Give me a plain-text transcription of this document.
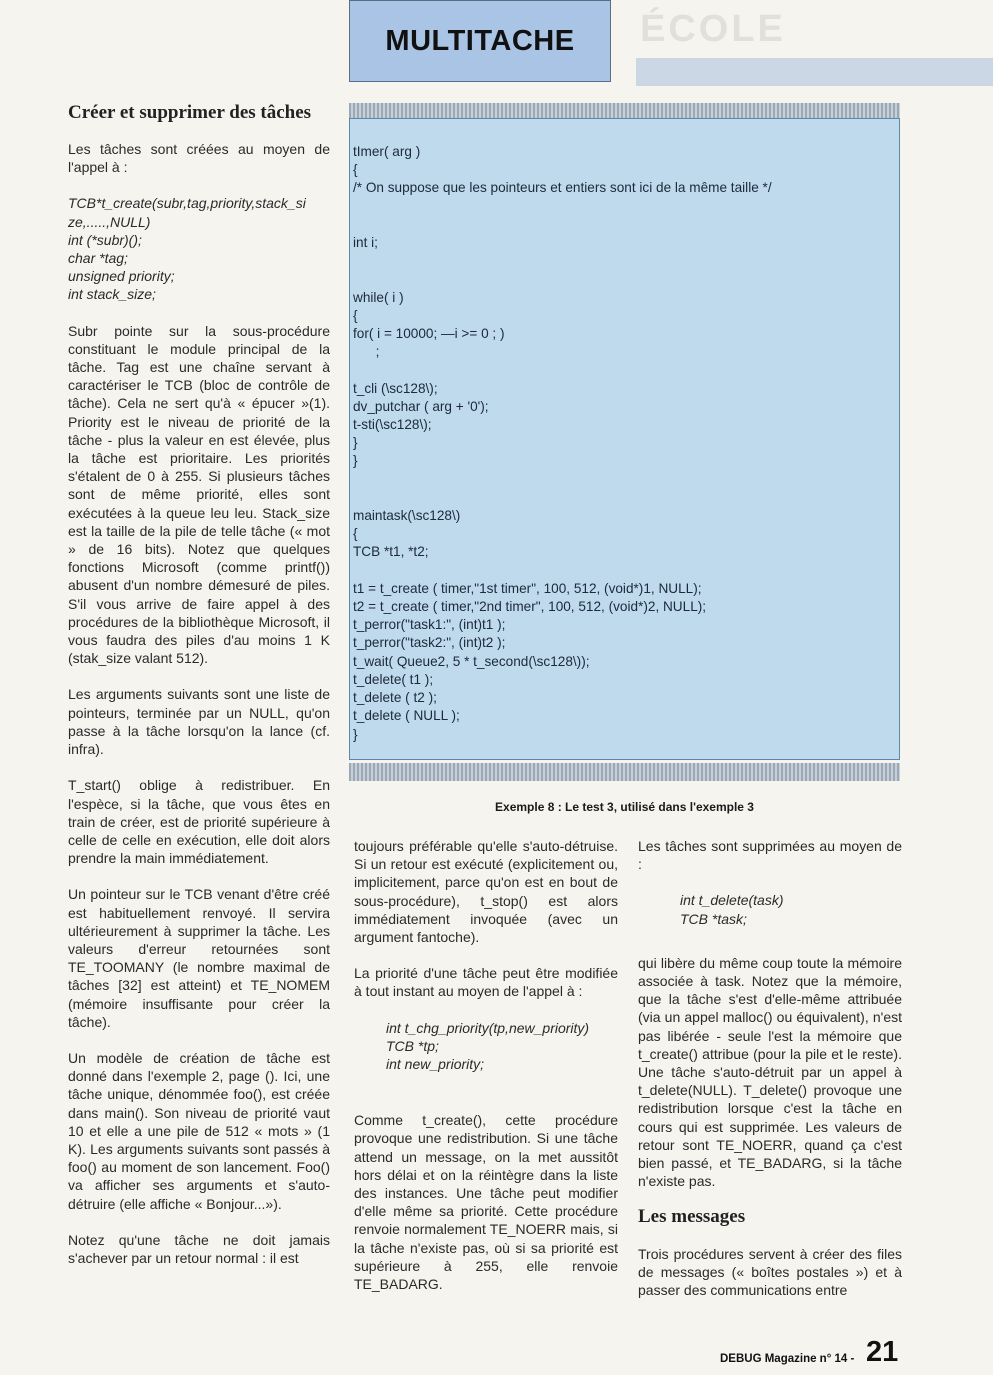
ÉCOLE
MULTITACHE
Créer et supprimer des tâches

Les tâches sont créées au moyen de l'appel à :

TCB*t_create(subr,tag,priority,stack_si
ze,.....,NULL)
int (*subr)();
char *tag;
unsigned priority;
int stack_size;

Subr pointe sur la sous-procédure constituant le module principal de la tâche. Tag est une chaîne servant à caractériser le TCB (bloc de contrôle de tâche). Cela ne sert qu'à « épucer »(1). Priority est le niveau de priorité de la tâche - plus la valeur en est élevée, plus la tâche est prioritaire. Les priorités s'étalent de 0 à 255. Si plusieurs tâches sont de même priorité, elles sont exécutées à la queue leu leu. Stack_size est la taille de la pile de telle tâche (« mot » de 16 bits). Notez que quelques fonctions Microsoft (comme printf()) abusent d'un nombre démesuré de piles. S'il vous arrive de faire appel à des procédures de la bibliothèque Microsoft, il vous faudra des piles d'au moins 1 K (stak_size valant 512).

Les arguments suivants sont une liste de pointeurs, terminée par un NULL, qu'on passe à la tâche lorsqu'on la lance (cf. infra).

T_start() oblige à redistribuer. En l'espèce, si la tâche, que vous êtes en train de créer, est de priorité supérieure à celle de celle en exécution, elle doit alors prendre la main immédiatement.

Un pointeur sur le TCB venant d'être créé est habituellement renvoyé. Il servira ultérieurement à supprimer la tâche. Les valeurs d'erreur retournées sont TE_TOOMANY (le nombre maximal de tâches [32] est atteint) et TE_NOMEM (mémoire insuffisante pour créer la tâche).

Un modèle de création de tâche est donné dans l'exemple 2, page (). Ici, une tâche unique, dénommée foo(), est créée dans main(). Son niveau de priorité vaut 10 et elle a une pile de 512 « mots » (1 K). Les arguments suivants sont passés à foo() au moment de son lancement. Foo() va afficher ses arguments et s'auto-détruire (elle affiche « Bonjour...»).

Notez qu'une tâche ne doit jamais s'achever par un retour normal : il est

tImer( arg )
{
/* On suppose que les pointeurs et entiers sont ici de la même taille */

int i;

while( i )
{
for( i = 10000; —i >= 0 ; )
;

t_cli (\sc128\);
dv_putchar ( arg + '0');
t-sti(\sc128\);
}
}

maintask(\sc128\)
{
TCB *t1, *t2;

t1 = t_create ( timer,"1st timer", 100, 512, (void*)1, NULL);
t2 = t_create ( timer,"2nd timer", 100, 512, (void*)2, NULL);
t_perror("task1:", (int)t1 );
t_perror("task2:", (int)t2 );
t_wait( Queue2, 5 * t_second(\sc128\));
t_delete( t1 );
t_delete ( t2 );
t_delete ( NULL );
}
Exemple 8 : Le test 3, utilisé dans l'exemple 3

toujours préférable qu'elle s'auto-détruise. Si un retour est exécuté (explicitement ou, implicitement, parce qu'on est en bout de sous-procédure), t_stop() est alors immédiatement invoquée (avec un argument fantoche).

La priorité d'une tâche peut être modifiée à tout instant au moyen de l'appel à :

int t_chg_priority(tp,new_priority)
TCB *tp;
int new_priority;

Comme t_create(), cette procédure provoque une redistribution. Si une tâche attend un message, on la met aussitôt hors délai et on la réintègre dans la liste des instances. Une tâche peut modifier d'elle même sa priorité. Cette procédure renvoie normalement TE_NOERR mais, si la tâche n'existe pas, où si sa priorité est supérieure à 255, elle renvoie TE_BADARG.

Les tâches sont supprimées au moyen de :

int t_delete(task)
TCB *task;

qui libère du même coup toute la mémoire associée à task. Notez que la mémoire, que la tâche s'est d'elle-même attribuée (via un appel malloc() ou équivalent), n'est pas libérée - seule l'est la mémoire que t_create() attribue (pour la pile et le reste). Une tâche s'auto-détruit par un appel à t_delete(NULL). T_delete() provoque une redistribution lorsque c'est la tâche en cours qui est supprimée. Les valeurs de retour sont TE_NOERR, quand ça c'est bien passé, et TE_BADARG, si la tâche n'existe pas.

Les messages

Trois procédures servent à créer des files de messages (« boîtes postales ») et à passer des communications entre

DEBUG Magazine n° 14 - 21
